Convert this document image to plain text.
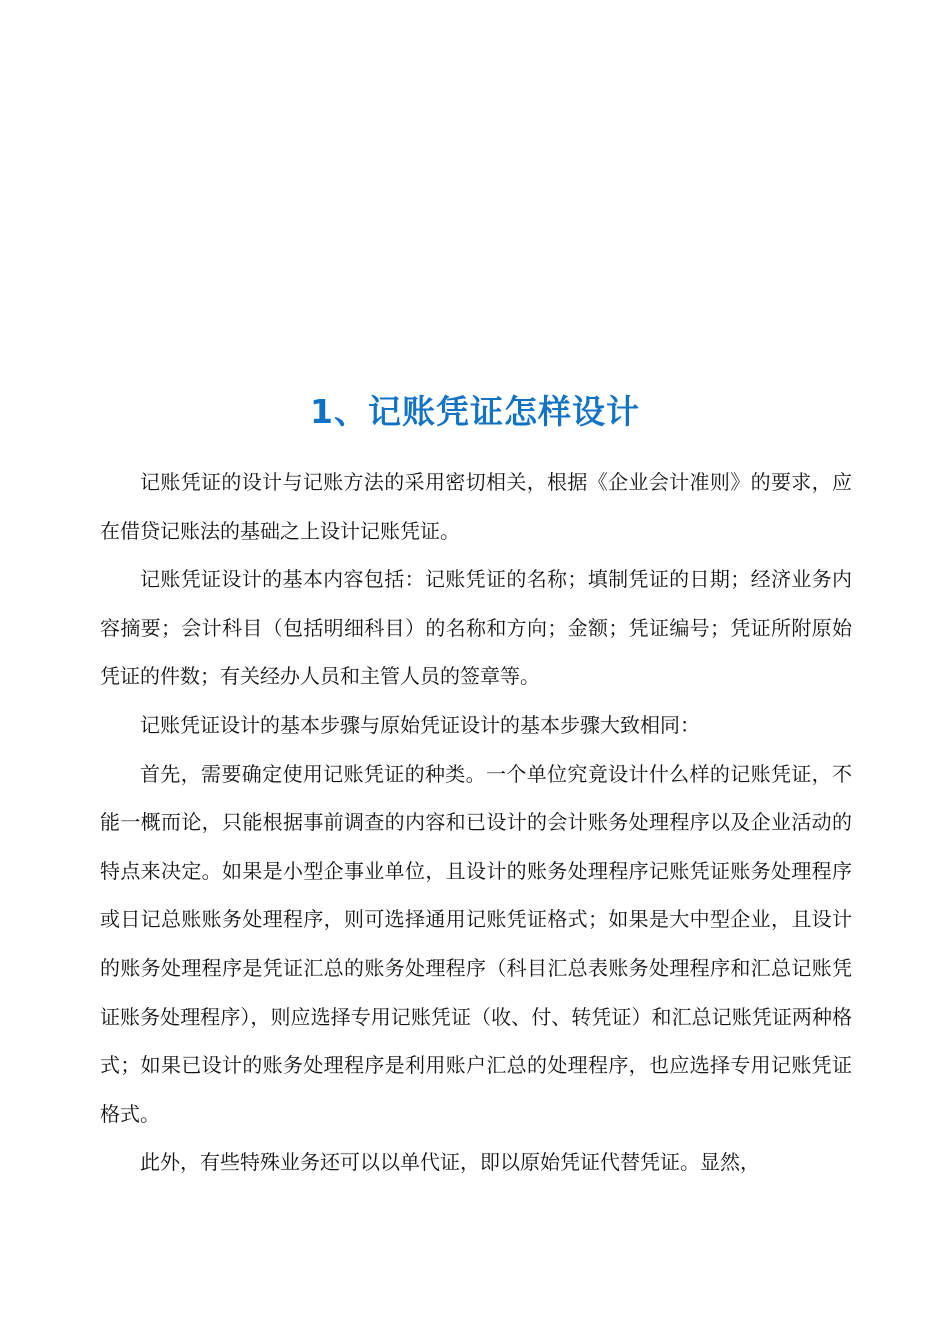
1、记账凭证怎样设计

记账凭证的设计与记账方法的采用密切相关，根据《企业会计准则》的要求，应在借贷记账法的基础之上设计记账凭证。

记账凭证设计的基本内容包括：记账凭证的名称；填制凭证的日期；经济业务内容摘要；会计科目（包括明细科目）的名称和方向；金额；凭证编号；凭证所附原始凭证的件数；有关经办人员和主管人员的签章等。

记账凭证设计的基本步骤与原始凭证设计的基本步骤大致相同：

首先，需要确定使用记账凭证的种类。一个单位究竟设计什么样的记账凭证，不能一概而论，只能根据事前调查的内容和已设计的会计账务处理程序以及企业活动的特点来决定。如果是小型企事业单位，且设计的账务处理程序记账凭证账务处理程序或日记总账账务处理程序，则可选择通用记账凭证格式；如果是大中型企业，且设计的账务处理程序是凭证汇总的账务处理程序（科目汇总表账务处理程序和汇总记账凭证账务处理程序），则应选择专用记账凭证（收、付、转凭证）和汇总记账凭证两种格式；如果已设计的账务处理程序是利用账户汇总的处理程序，也应选择专用记账凭证格式。

此外，有些特殊业务还可以以单代证，即以原始凭证代替凭证。显然，
